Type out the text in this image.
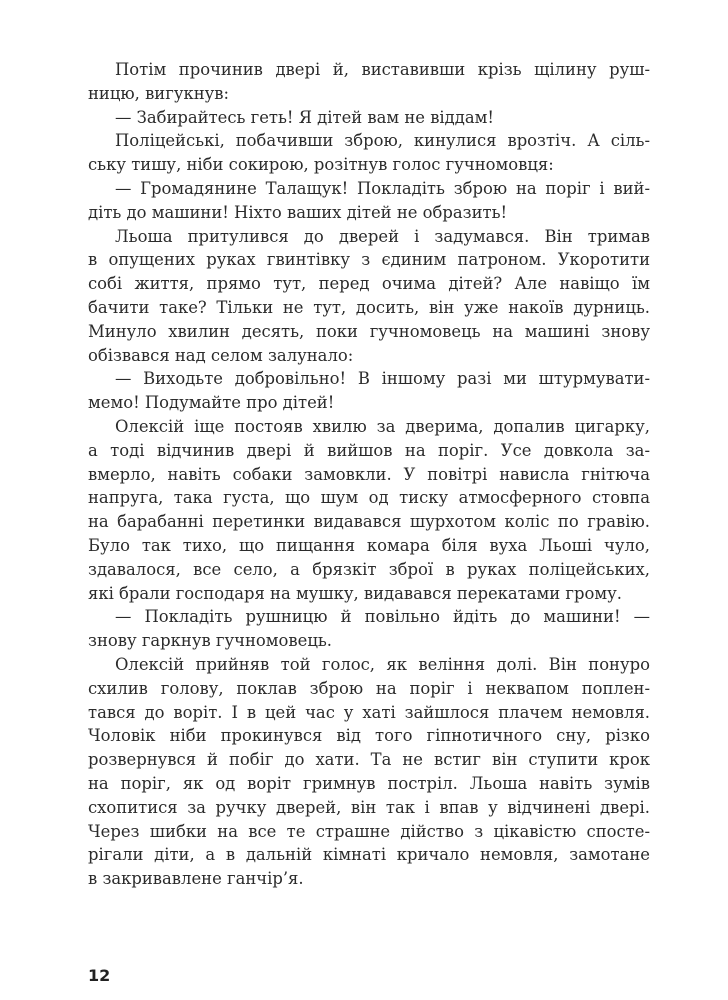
Потім прочинив двері й, виставивши крізь щілину руш-
ницю, вигукнув:
— Забирайтесь геть! Я дітей вам не віддам!
Поліцейські, побачивши зброю, кинулися врозтіч. А сіль-
ську тишу, ніби сокирою, розітнув голос гучномовця:
— Громадянине Талащук! Покладіть зброю на поріг і вий-
діть до машини! Ніхто ваших дітей не образить!
Льоша притулився до дверей і задумався. Він тримав
в опущених руках гвинтівку з єдиним патроном. Укоротити
собі життя, прямо тут, перед очима дітей? Але навіщо їм
бачити таке? Тільки не тут, досить, він уже накоїв дурниць.
Минуло хвилин десять, поки гучномовець на машині знову
обізвався над селом залунало:
— Виходьте добровільно! В іншому разі ми штурмувати-
мемо! Подумайте про дітей!
Олексій іще постояв хвилю за дверима, допалив цигарку,
а тоді відчинив двері й вийшов на поріг. Усе довкола за-
вмерло, навіть собаки замовкли. У повітрі нависла гнітюча
напруга, така густа, що шум од тиску атмосферного стовпа
на барабанні перетинки видавався шурхотом коліс по гравію.
Було так тихо, що пищання комара біля вуха Льоші чуло,
здавалося, все село, а брязкіт зброї в руках поліцейських,
які брали господаря на мушку, видавався перекатами грому.
— Покладіть рушницю й повільно йдіть до машини! —
знову гаркнув гучномовець.
Олексій прийняв той голос, як веління долі. Він понуро
схилив голову, поклав зброю на поріг і неквапом поплен-
тався до воріт. І в цей час у хаті зайшлося плачем немовля.
Чоловік ніби прокинувся від того гіпнотичного сну, різко
розвернувся й побіг до хати. Та не встиг він ступити крок
на поріг, як од воріт гримнув постріл. Льоша навіть зумів
схопитися за ручку дверей, він так і впав у відчинені двері.
Через шибки на все те страшне дійство з цікавістю спосте-
рігали діти, а в дальній кімнаті кричало немовля, замотане
в закривавлене ганчір’я.
12
